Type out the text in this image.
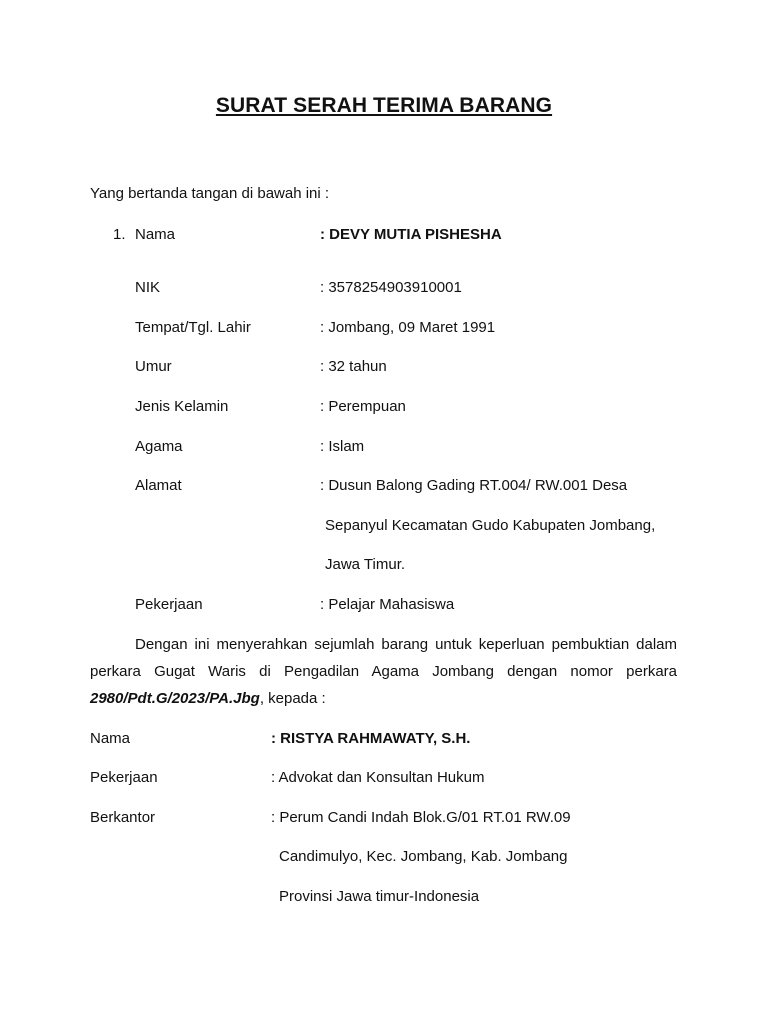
SURAT SERAH TERIMA BARANG
Yang bertanda tangan di bawah ini :
1. Nama	: DEVY MUTIA PISHESHA
NIK	: 3578254903910001
Tempat/Tgl. Lahir	: Jombang, 09 Maret 1991
Umur	: 32 tahun
Jenis Kelamin	: Perempuan
Agama	: Islam
Alamat	: Dusun Balong Gading RT.004/ RW.001 Desa
Sepanyul Kecamatan Gudo Kabupaten Jombang,
Jawa Timur.
Pekerjaan	: Pelajar Mahasiswa

Dengan ini menyerahkan sejumlah barang untuk keperluan pembuktian dalam

perkara Gugat Waris di Pengadilan Agama Jombang dengan nomor perkara

2980/Pdt.G/2023/PA.Jbg, kepada :

Nama	: RISTYA RAHMAWATY, S.H.
Pekerjaan	: Advokat dan Konsultan Hukum
Berkantor	: Perum Candi Indah Blok.G/01 RT.01 RW.09
Candimulyo, Kec. Jombang, Kab. Jombang
Provinsi Jawa timur-Indonesia
